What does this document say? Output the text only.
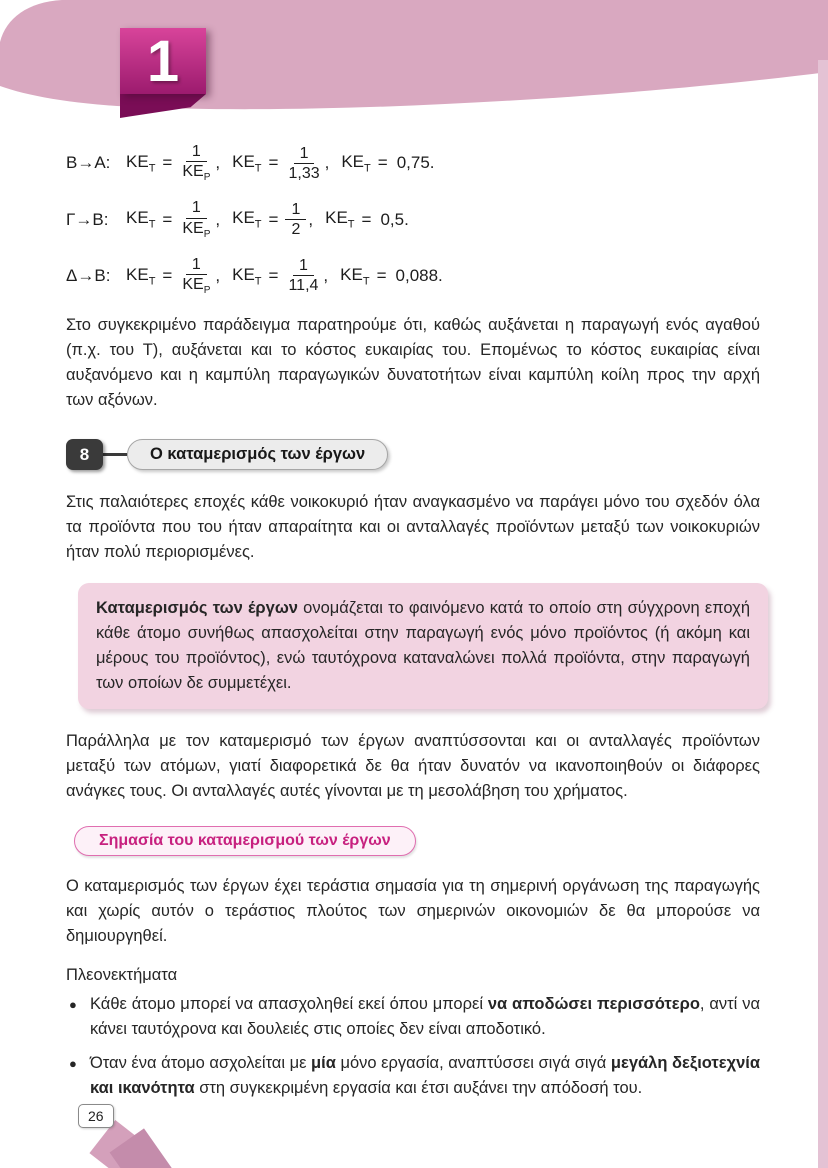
1
Β→Α: $KE_T = \frac{1}{KE_P}$ , $KE_T = \frac{1}{1,33}$ , $KE_T = 0,75$.
Γ→Β:	$KE_T = \frac{1}{KE_P}$ , $KE_T = \frac{1}{2}$ , $KE_T = 0,5$.
Δ→Β: $KE_T = \frac{1}{KE_P}$ , $KE_T = \frac{1}{11,4}$ , $KE_T = 0,088$.

Στο συγκεκριμένο παράδειγμα παρατηρούμε ότι, καθώς αυξάνεται η παραγωγή ενός αγαθού (π.χ. του Τ), αυξάνεται και το κόστος ευκαιρίας του. Επομένως το κόστος ευκαιρίας είναι αυξανόμενο και η καμπύλη παραγωγικών δυνατοτήτων είναι καμπύλη κοίλη προς την αρχή των αξόνων.

8	Ο καταμερισμός των έργων

Στις παλαιότερες εποχές κάθε νοικοκυριό ήταν αναγκασμένο να παράγει μόνο του σχεδόν όλα τα προϊόντα που του ήταν απαραίτητα και οι ανταλλαγές προϊόντων μεταξύ των νοικοκυριών ήταν πολύ περιορισμένες.

Καταμερισμός των έργων ονομάζεται το φαινόμενο κατά το οποίο στη σύγχρονη εποχή κάθε άτομο συνήθως απασχολείται στην παραγωγή ενός μόνο προϊόντος (ή ακόμη και μέρους του προϊόντος), ενώ ταυτόχρονα καταναλώνει πολλά προϊόντα, στην παραγωγή των οποίων δε συμμετέχει.

Παράλληλα με τον καταμερισμό των έργων αναπτύσσονται και οι ανταλλαγές προϊόντων μεταξύ των ατόμων, γιατί διαφορετικά δε θα ήταν δυνατόν να ικανοποιηθούν οι διάφορες ανάγκες τους. Οι ανταλλαγές αυτές γίνονται με τη μεσολάβηση του χρήματος.

Σημασία του καταμερισμού των έργων

Ο καταμερισμός των έργων έχει τεράστια σημασία για τη σημερινή οργάνωση της παραγωγής και χωρίς αυτόν ο τεράστιος πλούτος των σημερινών οικονομιών δε θα μπορούσε να δημιουργηθεί.

Πλεονεκτήματα

● Κάθε άτομο μπορεί να απασχοληθεί εκεί όπου μπορεί να αποδώσει περισσότερο, αντί να κάνει ταυτόχρονα και δουλειές στις οποίες δεν είναι αποδοτικό.
● Όταν ένα άτομο ασχολείται με μία μόνο εργασία, αναπτύσσει σιγά σιγά μεγάλη δεξιοτεχνία και ικανότητα στη συγκεκριμένη εργασία και έτσι αυξάνει την απόδοσή του.
26
